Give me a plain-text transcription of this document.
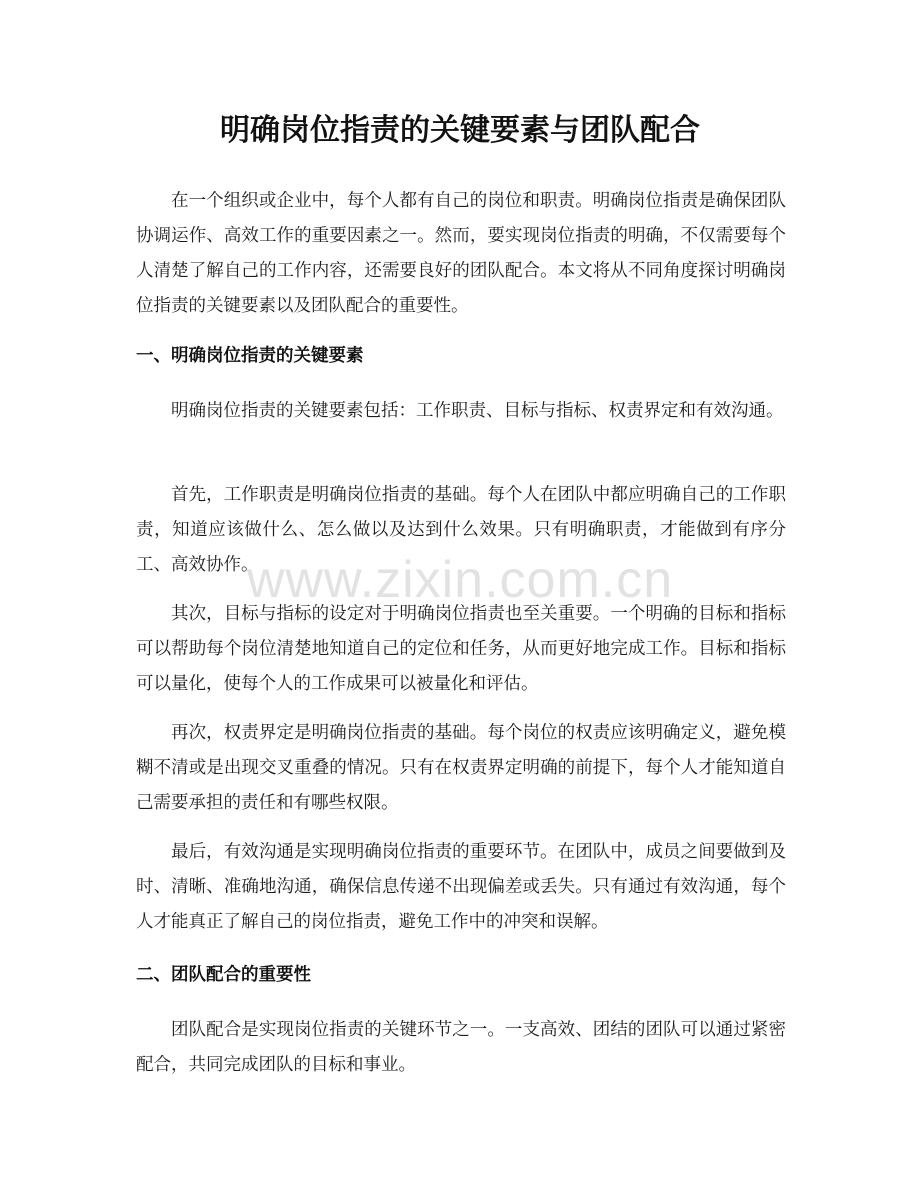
明确岗位指责的关键要素与团队配合

在一个组织或企业中，每个人都有自己的岗位和职责。明确岗位指责是确保团队协调运作、高效工作的重要因素之一。然而，要实现岗位指责的明确，不仅需要每个人清楚了解自己的工作内容，还需要良好的团队配合。本文将从不同角度探讨明确岗位指责的关键要素以及团队配合的重要性。

一、明确岗位指责的关键要素

明确岗位指责的关键要素包括：工作职责、目标与指标、权责界定和有效沟通。

首先，工作职责是明确岗位指责的基础。每个人在团队中都应明确自己的工作职责，知道应该做什么、怎么做以及达到什么效果。只有明确职责，才能做到有序分工、高效协作。

其次，目标与指标的设定对于明确岗位指责也至关重要。一个明确的目标和指标可以帮助每个岗位清楚地知道自己的定位和任务，从而更好地完成工作。目标和指标可以量化，使每个人的工作成果可以被量化和评估。

再次，权责界定是明确岗位指责的基础。每个岗位的权责应该明确定义，避免模糊不清或是出现交叉重叠的情况。只有在权责界定明确的前提下，每个人才能知道自己需要承担的责任和有哪些权限。

最后，有效沟通是实现明确岗位指责的重要环节。在团队中，成员之间要做到及时、清晰、准确地沟通，确保信息传递不出现偏差或丢失。只有通过有效沟通，每个人才能真正了解自己的岗位指责，避免工作中的冲突和误解。

二、团队配合的重要性

团队配合是实现岗位指责的关键环节之一。一支高效、团结的团队可以通过紧密配合，共同完成团队的目标和事业。

www.zixin.com.cn
